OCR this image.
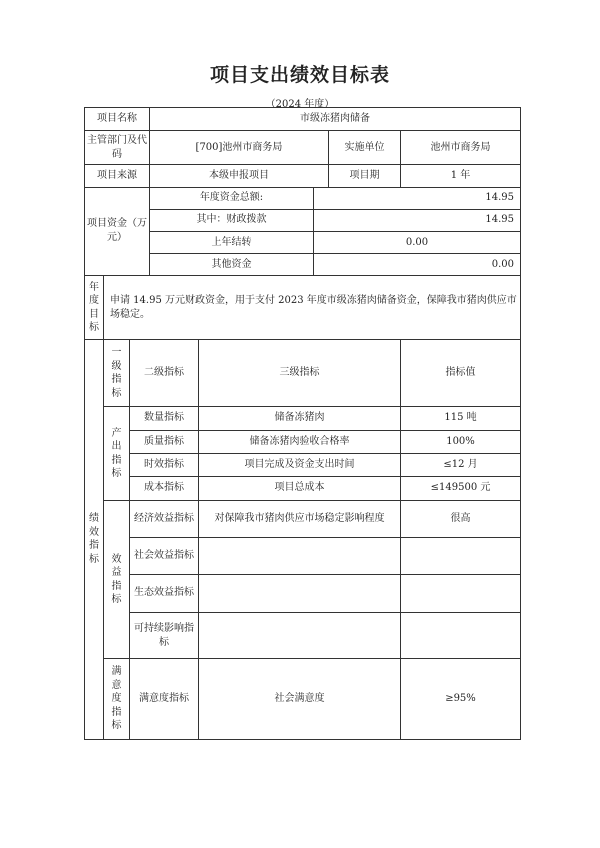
项目支出绩效目标表
（2024 年度）
项目名称			市级冻猪肉储备				
主管部门及代码			[700]池州市商务局			实施单位	池州市商务局
项目来源			本级申报项目			项目期	1 年
项目资金（万元）			年度资金总额:		14.95		
			其中：财政拨款		14.95		
			上年结转		0.00		
			其他资金		0.00		

年度目标	申请 14.95 万元财政资金，用于支付 2023 年度市级冻猪肉储备资金，保障我市猪肉供应市场稳定。						

绩效指标	一级指标	二级指标		三级指标			指标值

	产出指标	数量指标		储备冻猪肉			115 吨
		质量指标		储备冻猪肉验收合格率			100%
		时效指标		项目完成及资金支出时间			≤12 月
		成本指标		项目总成本			≤149500 元

	效益指标	经济效益指标		对保障我市猪肉供应市场稳定影响程度			很高
		社会效益指标					
		生态效益指标					
		可持续影响指标					

	满意度指标	满意度指标		社会满意度			≥95%
